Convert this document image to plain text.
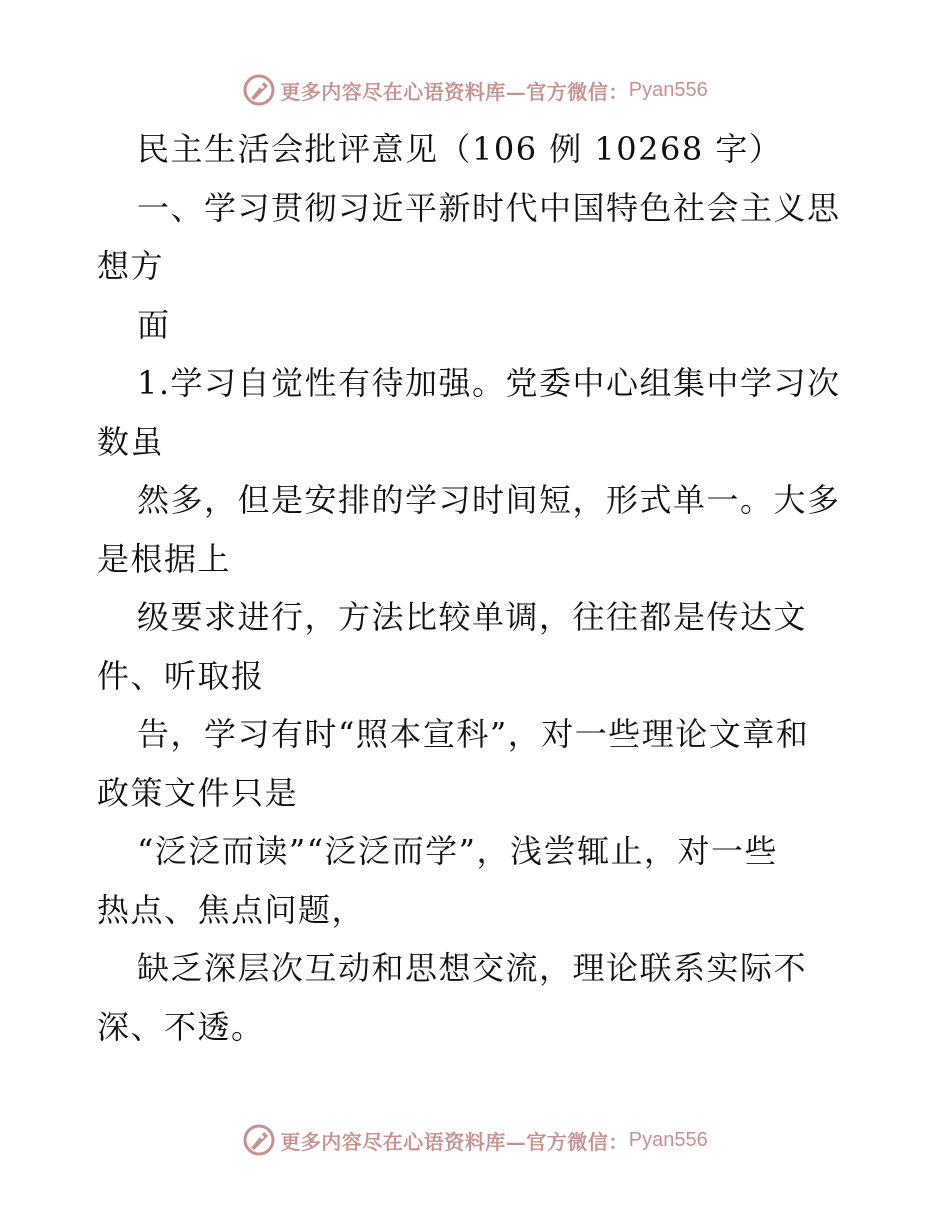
更多内容尽在心语资料库—官方微信： Pyan556
民主生活会批评意见（106 例 10268 字）
一、学习贯彻习近平新时代中国特色社会主义思
想方
面
1.学习自觉性有待加强。党委中心组集中学习次
数虽
然多，但是安排的学习时间短，形式单一。大多
是根据上
级要求进行，方法比较单调，往往都是传达文
件、听取报
告，学习有时“照本宣科”，对一些理论文章和
政策文件只是
“泛泛而读”“泛泛而学”，浅尝辄止，对一些
热点、焦点问题，
缺乏深层次互动和思想交流，理论联系实际不
深、不透。
更多内容尽在心语资料库—官方微信： Pyan556
